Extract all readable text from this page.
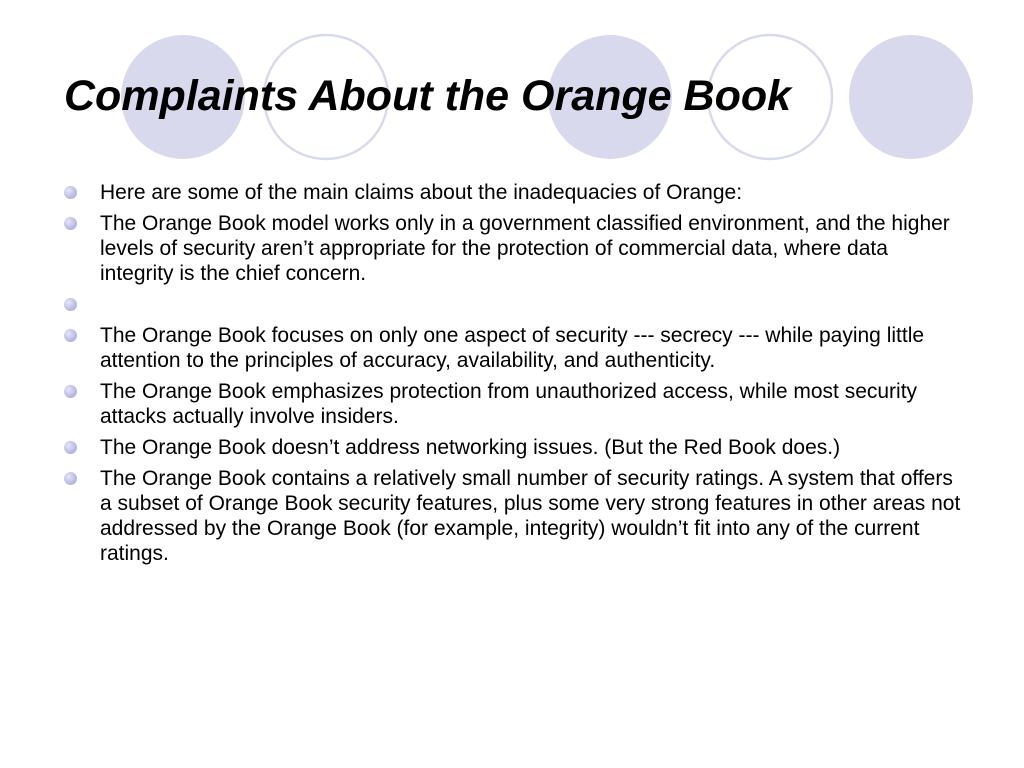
Complaints About the Orange Book
Here are some of the main claims about the inadequacies of Orange:
The Orange Book model works only in a government classified environment, and the higher levels of security aren’t appropriate for the protection of commercial data, where data integrity is the chief concern.
The Orange Book focuses on only one aspect of security --- secrecy --- while paying little attention to the principles of accuracy, availability, and authenticity.
The Orange Book emphasizes protection from unauthorized access, while most security attacks actually involve insiders.
The Orange Book doesn’t address networking issues. (But the Red Book does.)
The Orange Book contains a relatively small number of security ratings. A system that offers a subset of Orange Book security features, plus some very strong features in other areas not addressed by the Orange Book (for example, integrity) wouldn’t fit into any of the current ratings.
